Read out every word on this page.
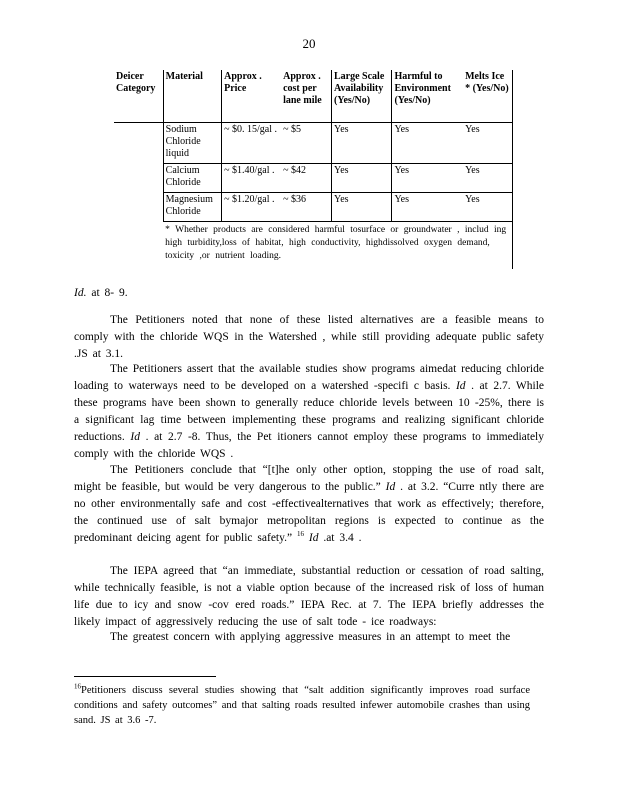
20
Deicer Category	Material	Approx . Price	Approx . cost per lane mile	Large Scale Availability (Yes/No)	Harmful to Environment (Yes/No)	Melts Ice * (Yes/No)
	Sodium Chloride liquid	~ $0. 15/gal .	~ $5	Yes	Yes	Yes
	Calcium Chloride	~ $1.40/gal .	~ $42	Yes	Yes	Yes
	Magnesium Chloride	~ $1.20/gal .	~ $36	Yes	Yes	Yes
	* Whether products are considered harmful tosurface or groundwater , includ ing high turbidity,loss of habitat, high conductivity, highdissolved oxygen demand, toxicity ,or nutrient loading.					

Id. at 8- 9.

The Petitioners noted that none of these listed alternatives are a feasible means to comply with the chloride WQS in the Watershed , while still providing adequate public safety .JS at 3.1.

The Petitioners assert that the available studies show programs aimedat reducing chloride loading to waterways need to be developed on a watershed -specifi c basis. Id . at 2.7. While these programs have been shown to generally reduce chloride levels between 10 -25%, there is a significant lag time between implementing these programs and realizing significant chloride reductions. Id . at 2.7 -8. Thus, the Pet itioners cannot employ these programs to immediately comply with the chloride WQS .

The Petitioners conclude that “[t]he only other option, stopping the use of road salt, might be feasible, but would be very dangerous to the public.” Id . at 3.2. “Curre ntly there are no other environmentally safe and cost -effectivealternatives that work as effectively; therefore, the continued use of salt bymajor metropolitan regions is expected to continue as the predominant deicing agent for public safety.” $^{16}$ Id .at 3.4 .

The IEPA agreed that “an immediate, substantial reduction or cessation of road salting, while technically feasible, is not a viable option because of the increased risk of loss of human life due to icy and snow -cov ered roads.” IEPA Rec. at 7. The IEPA briefly addresses the likely impact of aggressively reducing the use of salt tode - ice roadways:

The greatest concern with applying aggressive measures in an attempt to meet the

$^{16}$Petitioners discuss several studies showing that “salt addition significantly improves road surface conditions and safety outcomes” and that salting roads resulted infewer automobile crashes than using sand. JS at 3.6 -7.
